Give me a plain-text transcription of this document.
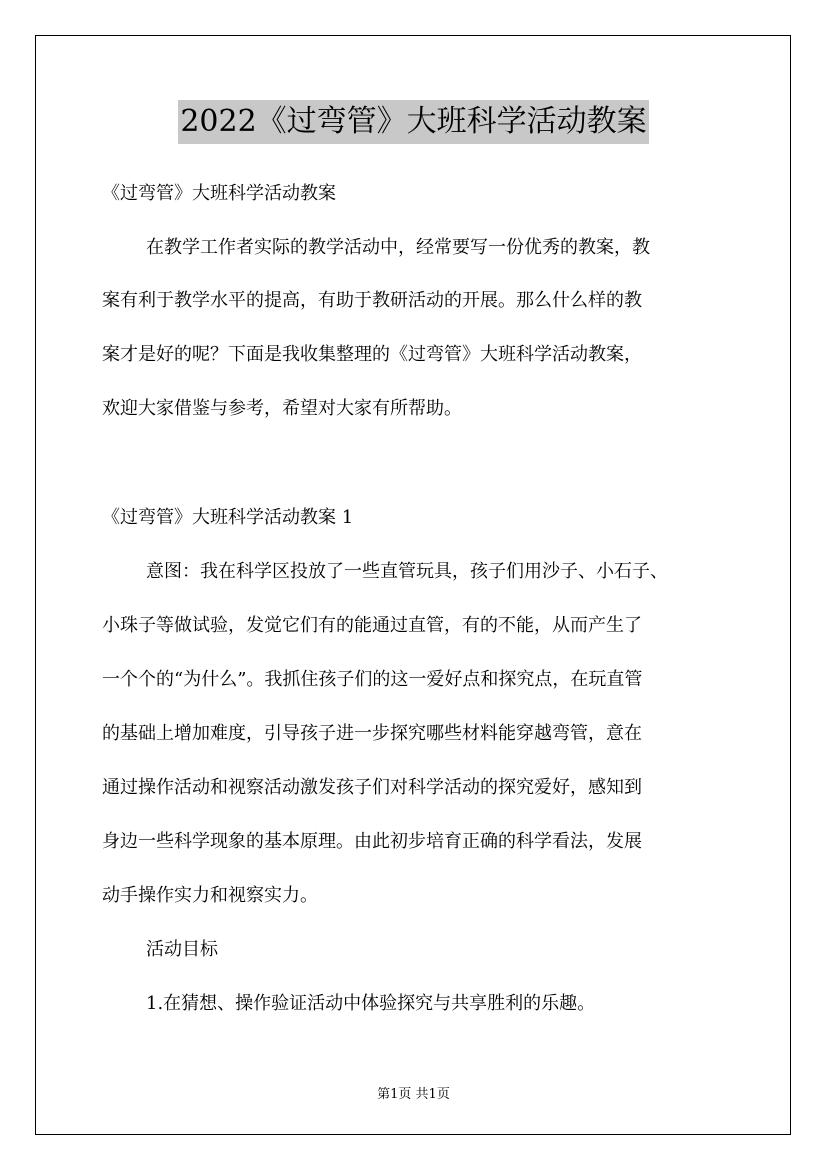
2022《过弯管》大班科学活动教案
《过弯管》大班科学活动教案
在教学工作者实际的教学活动中，经常要写一份优秀的教案，教
案有利于教学水平的提高，有助于教研活动的开展。那么什么样的教
案才是好的呢？下面是我收集整理的《过弯管》大班科学活动教案，
欢迎大家借鉴与参考，希望对大家有所帮助。
《过弯管》大班科学活动教案 1
意图：我在科学区投放了一些直管玩具，孩子们用沙子、小石子、
小珠子等做试验，发觉它们有的能通过直管，有的不能，从而产生了
一个个的“为什么”。我抓住孩子们的这一爱好点和探究点，在玩直管
的基础上增加难度，引导孩子进一步探究哪些材料能穿越弯管，意在
通过操作活动和视察活动激发孩子们对科学活动的探究爱好，感知到
身边一些科学现象的基本原理。由此初步培育正确的科学看法，发展
动手操作实力和视察实力。
活动目标
1.在猜想、操作验证活动中体验探究与共享胜利的乐趣。
第1页 共1页
